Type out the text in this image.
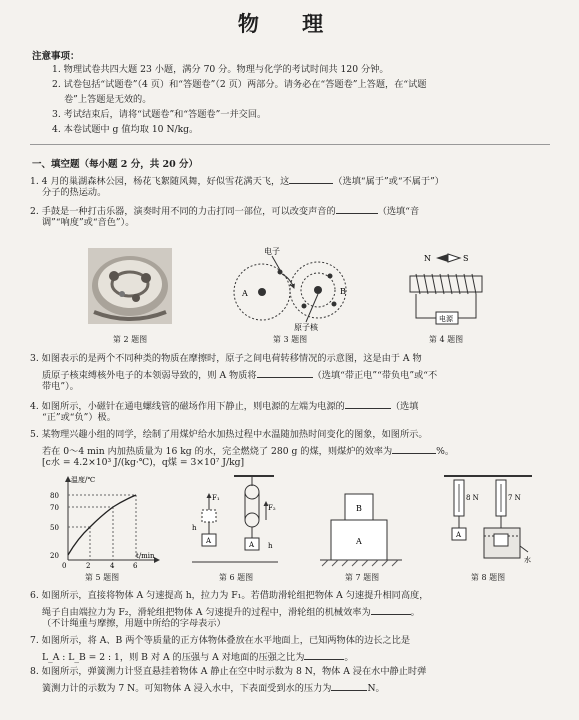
物 理
注意事项：
1. 物理试卷共四大题 23 小题，满分 70 分。物理与化学的考试时间共 120 分钟。
2. 试卷包括“试题卷”（4 页）和“答题卷”（2 页）两部分。请务必在“答题卷”上答题，在“试题
卷”上答题是无效的。
3. 考试结束后，请将“试题卷”和“答题卷”一并交回。
4. 本卷试题中 g 值均取 10 N/kg。
一、填空题（每小题 2 分，共 20 分）
1. 4 月的巢湖森林公园，杨花飞絮随风舞，好似雪花满天飞，这	（选填“属于”或“不属于”）
分子的热运动。
2. 手鼓是一种打击乐器，演奏时用不同的力击打同一部位，可以改变声音的	（选填“音
调”“响度”或“音色”）。
第 2 题图
电子
A	B
原子核
第 3 题图
N	S
电源
第 4 题图
3. 如图表示的是两个不同种类的物质在摩擦时，原子之间电荷转移情况的示意图，这是由于 A 物
质原子核束缚核外电子的本领弱导致的，则 A 物质将	（选填“带正电”“带负电”或“不
带电”）。
4. 如图所示，小磁针在通电螺线管的磁场作用下静止，则电源的左端为电源的	（选填
“正”或“负”）极。
5. 某物理兴趣小组的同学，绘制了用煤炉给水加热过程中水温随加热时间变化的图象，如图所示。
若在 0～4 min 内加热质量为 16 kg 的水，完全燃烧了 280 g 的煤，则煤炉的效率为	%。
[c水 = 4.2×10³ J/(kg·℃)，q煤 = 3×10⁷ J/kg]
温度/℃
t/min
80
70
50
20
0	2	4	6
第 5 题图
A
F₁
h
A
F₂
h
第 6 题图
B
A
第 7 题图
8 N
A
7 N
水
第 8 题图
6. 如图所示，直接将物体 A 匀速提高 h，拉力为 F₁。若借助滑轮组把物体 A 匀速提升相同高度，
绳子自由端拉力为 F₂，滑轮组把物体 A 匀速提升的过程中，滑轮组的机械效率为	。
（不计绳重与摩擦，用题中所给的字母表示）
7. 如图所示，将 A、B 两个等质量的正方体物体叠放在水平地面上，已知两物体的边长之比是
L_A : L_B = 2 : 1，则 B 对 A 的压强与 A 对地面的压强之比为	。
8. 如图所示，弹簧测力计竖直悬挂着物体 A 静止在空中时示数为 8 N，物体 A 浸在水中静止时弹
簧测力计的示数为 7 N。可知物体 A 浸入水中，下表面受到水的压力为	N。
